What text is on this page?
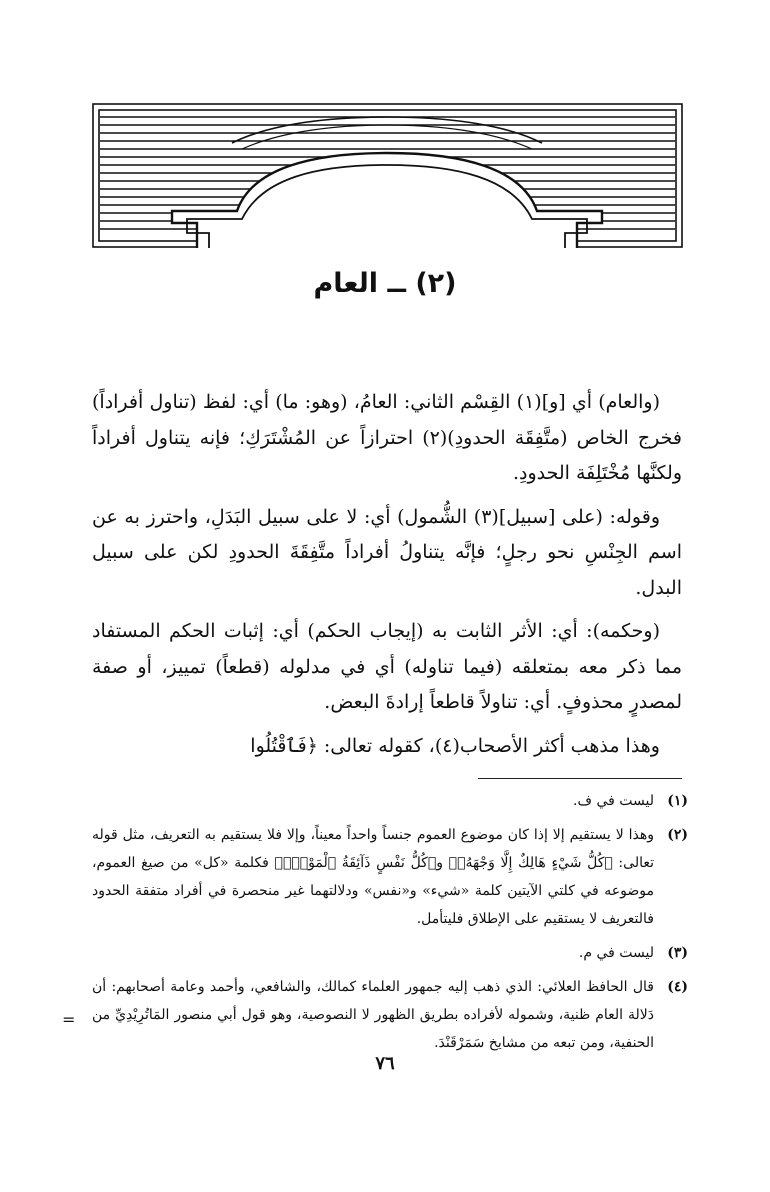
(٢) ــ العام

(والعام) أي [و](١) القِسْم الثاني: العامُ، (وهو: ما) أي: لفظ (تناول أفراداً) فخرج الخاص (متَّفِقَة الحدودِ)(٢) احترازاً عن المُشْتَرَكِ؛ فإنه يتناول أفراداً ولكنَّها مُخْتَلِفَة الحدودِ.

وقوله: (على [سبيل](٣) الشُّمول) أي: لا على سبيل البَدَلِ، واحترز به عن اسم الجِنْسِ نحو رجلٍ؛ فإنَّه يتناولُ أفراداً متَّفِقَةَ الحدودِ لكن على سبيل البدل.

(وحكمه): أي: الأثر الثابت به (إيجاب الحكم) أي: إثبات الحكم المستفاد مما ذكر معه بمتعلقه (فيما تناوله) أي في مدلوله (قطعاً) تمييز، أو صفة لمصدرٍ محذوفٍ. أي: تناولاً قاطعاً إرادةَ البعض.

وهذا مذهب أكثر الأصحاب(٤)، كقوله تعالى: ﴿فَٱقْتُلُوا

(١)
ليست في ف.
(٢)
وهذا لا يستقيم إلا إذا كان موضوع العموم جنساً واحداً معيناً، وإلا فلا يستقيم به التعريف، مثل قوله تعالى: ﴿كُلُّ شَيْءٍ هَالِكٌ إِلَّا وَجْهَهُۥ﴾ و﴿كُلُّ نَفْسٍ ذَآئِقَةُ ٱلْمَوْتِۗ﴾ فكلمة «كل» من صيغ العموم، موضوعه في كلتي الآيتين كلمة «شيء» و«نفس» ودلالتهما غير منحصرة في أفراد متفقة الحدود فالتعريف لا يستقيم على الإطلاق فليتأمل.
(٣)
ليست في م.
(٤)
قال الحافظ العلائي: الذي ذهب إليه جمهور العلماء كمالك، والشافعي، وأحمد وعامة أصحابهم: أن دَلالة العام ظنية، وشموله لأفراده بطريق الظهور لا النصوصية، وهو قول أبي منصور المَاتُرِيْدِيِّ من الحنفية، ومن تبعه من مشايخ سَمَرْقَنْدَ.
=
٧٦
